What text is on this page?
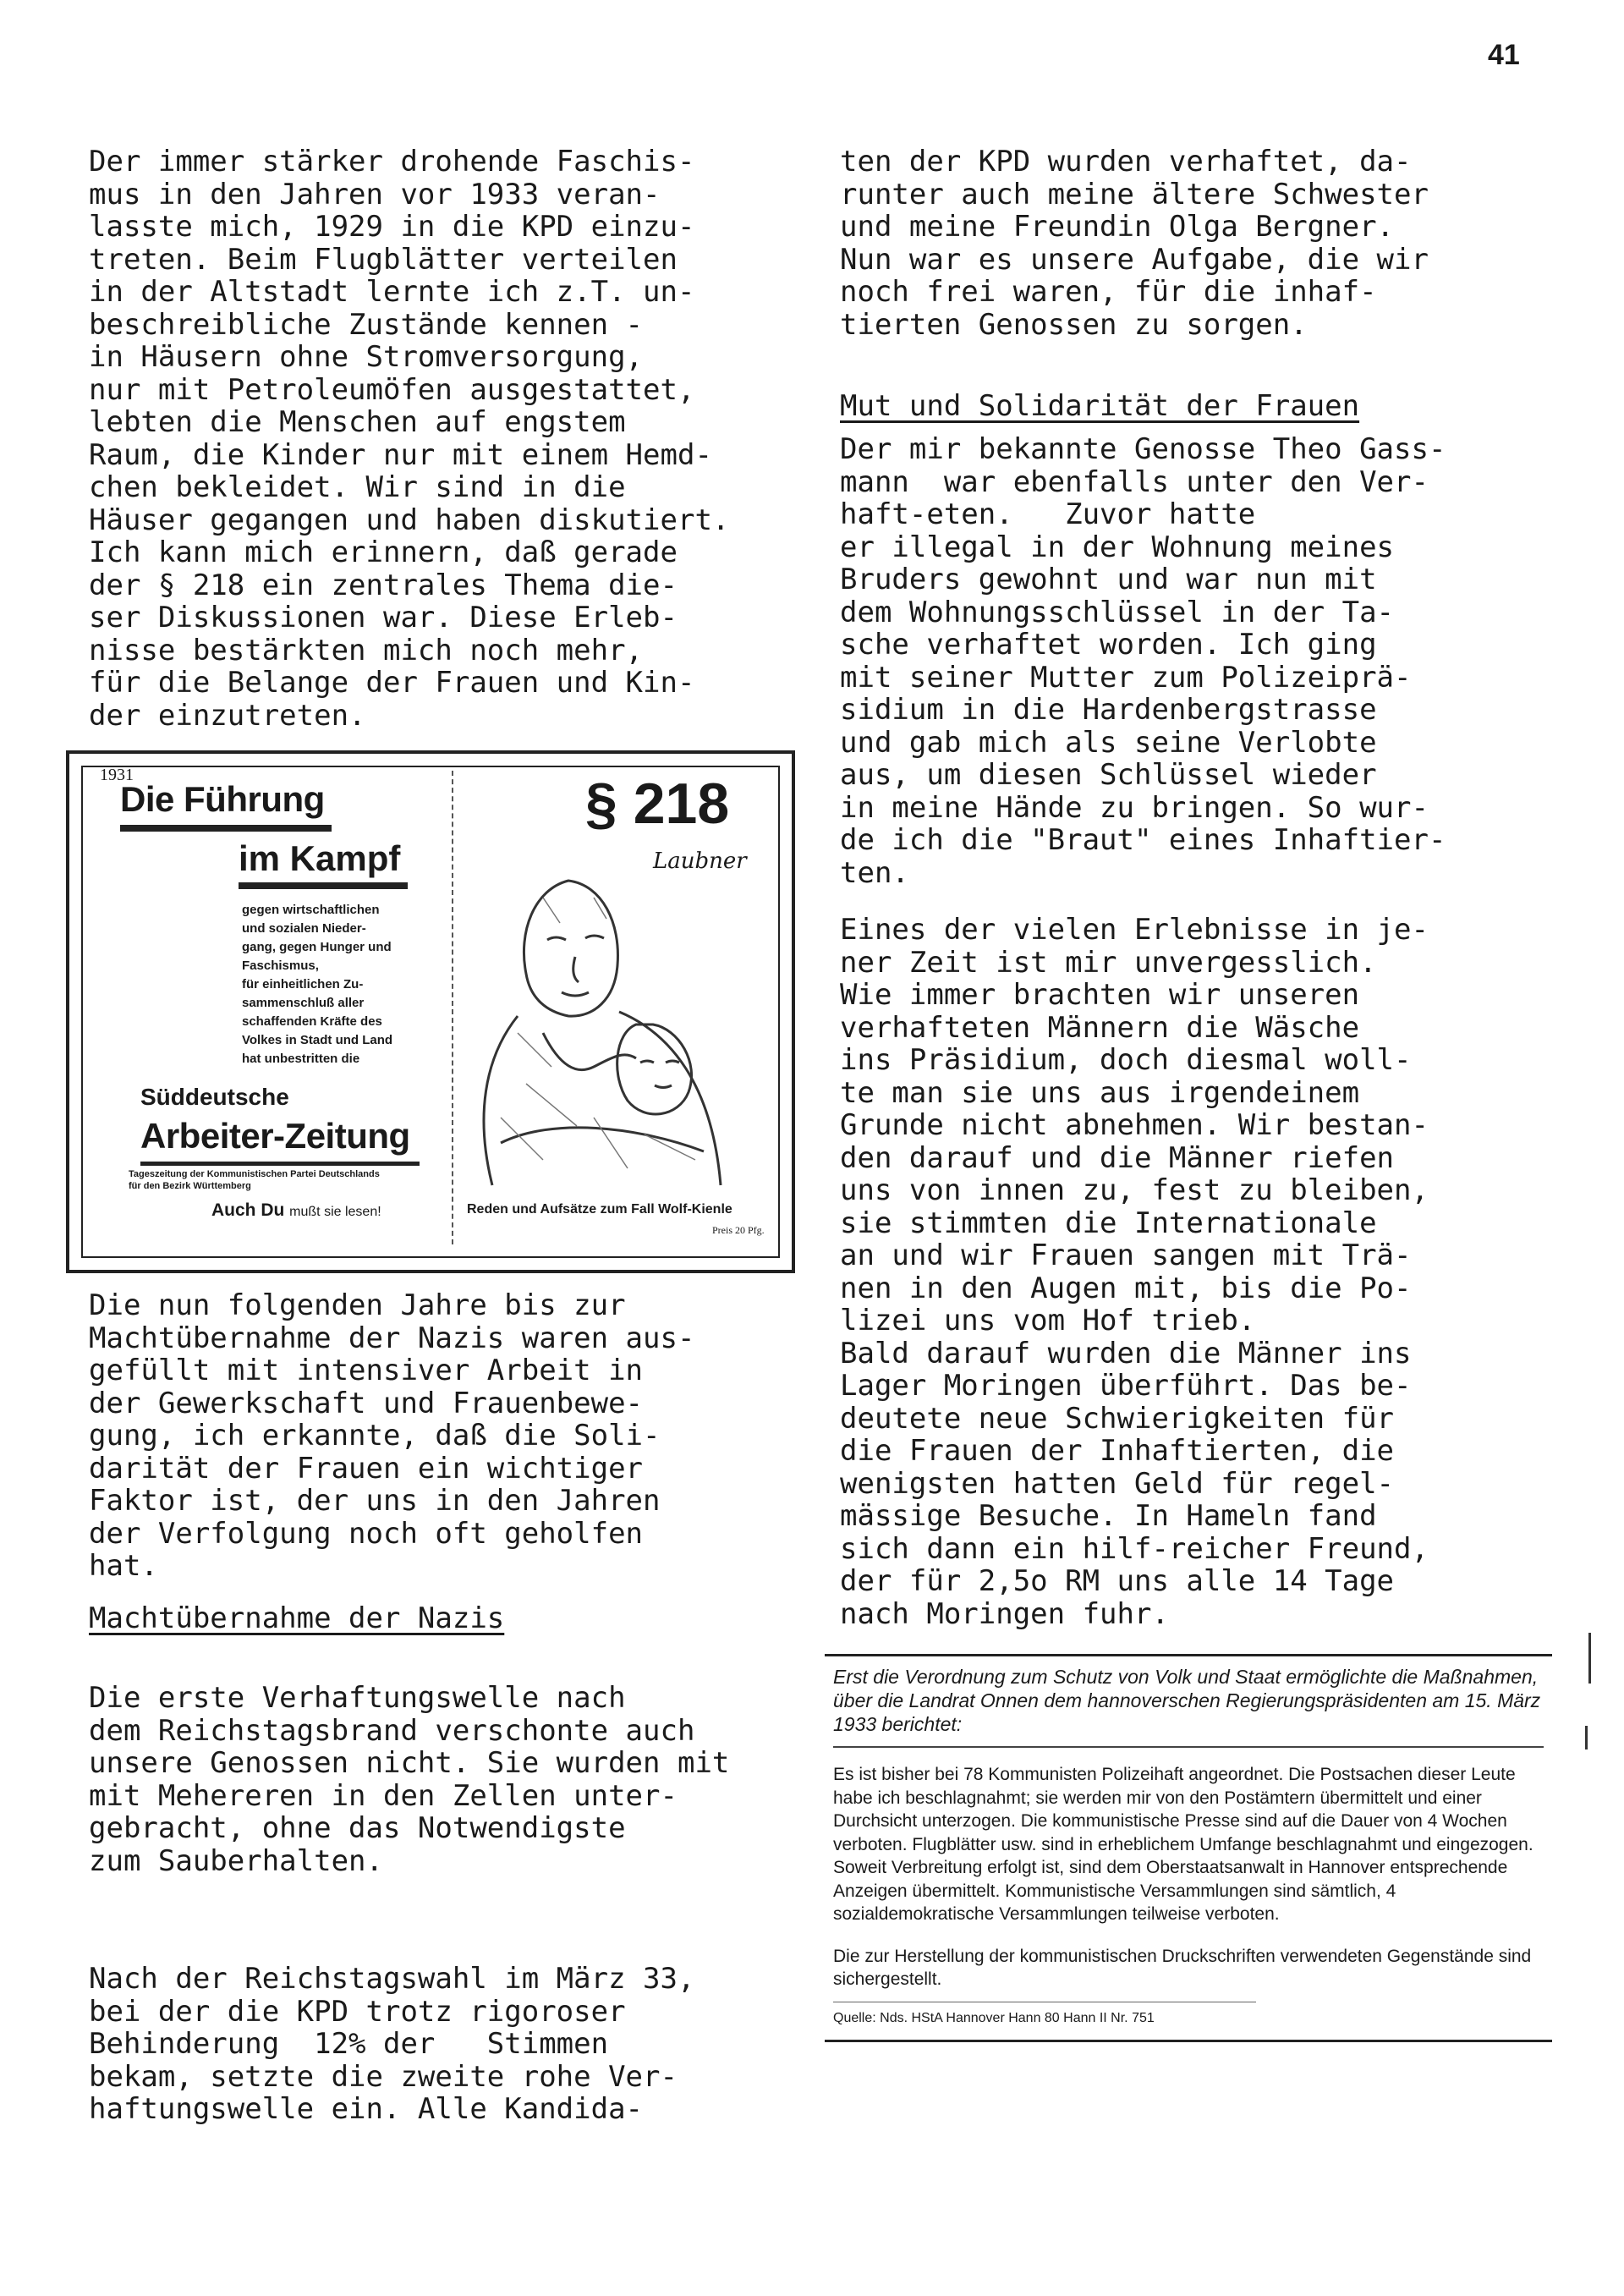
41
Der immer stärker drohende Faschis-
mus in den Jahren vor 1933 veran-
lasste mich, 1929 in die KPD einzu-
treten. Beim Flugblätter verteilen
in der Altstadt lernte ich z.T. un-
beschreibliche Zustände kennen -
in Häusern ohne Stromversorgung,
nur mit Petroleumöfen ausgestattet,
lebten die Menschen auf engstem
Raum, die Kinder nur mit einem Hemd-
chen bekleidet. Wir sind in die
Häuser gegangen und haben diskutiert.
Ich kann mich erinnern, daß gerade
der § 218 ein zentrales Thema die-
ser Diskussionen war. Diese Erleb-
nisse bestärkten mich noch mehr,
für die Belange der Frauen und Kin-
der einzutreten.
1931
Die Führung
im Kampf
gegen wirtschaftlichen
und sozialen Nieder-
gang, gegen Hunger und
Faschismus,
für einheitlichen Zu-
sammenschluß aller
schaffenden Kräfte des
Volkes in Stadt und Land
hat unbestritten die
Süddeutsche
Arbeiter-Zeitung
Tageszeitung der Kommunistischen Partei Deutschlands
für den Bezirk Württemberg
Auch Du mußt sie lesen!
§ 218
Laubner
Reden und Aufsätze zum Fall Wolf-Kienle
Preis 20 Pfg.
Die nun folgenden Jahre bis zur
Machtübernahme der Nazis waren aus-
gefüllt mit intensiver Arbeit in
der Gewerkschaft und Frauenbewe-
gung, ich erkannte, daß die Soli-
darität der Frauen ein wichtiger
Faktor ist, der uns in den Jahren
der Verfolgung noch oft geholfen
hat.
Machtübernahme der Nazis
Die erste Verhaftungswelle nach
dem Reichstagsbrand verschonte auch
unsere Genossen nicht. Sie wurden mit
mit Mehereren in den Zellen unter-
gebracht, ohne das Notwendigste
zum Sauberhalten.
Nach der Reichstagswahl im März 33,
bei der die KPD trotz rigoroser
Behinderung  12% der   Stimmen
bekam, setzte die zweite rohe Ver-
haftungswelle ein. Alle Kandida-
ten der KPD wurden verhaftet, da-
runter auch meine ältere Schwester
und meine Freundin Olga Bergner.
Nun war es unsere Aufgabe, die wir
noch frei waren, für die inhaf-
tierten Genossen zu sorgen.
Mut und Solidarität der Frauen
Der mir bekannte Genosse Theo Gass-
mann  war ebenfalls unter den Ver-
haft-eten.   Zuvor hatte
er illegal in der Wohnung meines
Bruders gewohnt und war nun mit
dem Wohnungsschlüssel in der Ta-
sche verhaftet worden. Ich ging
mit seiner Mutter zum Polizeiprä-
sidium in die Hardenbergstrasse
und gab mich als seine Verlobte
aus, um diesen Schlüssel wieder
in meine Hände zu bringen. So wur-
de ich die "Braut" eines Inhaftier-
ten.
Eines der vielen Erlebnisse in je-
ner Zeit ist mir unvergesslich.
Wie immer brachten wir unseren
verhafteten Männern die Wäsche
ins Präsidium, doch diesmal woll-
te man sie uns aus irgendeinem
Grunde nicht abnehmen. Wir bestan-
den darauf und die Männer riefen
uns von innen zu, fest zu bleiben,
sie stimmten die Internationale
an und wir Frauen sangen mit Trä-
nen in den Augen mit, bis die Po-
lizei uns vom Hof trieb.
Bald darauf wurden die Männer ins
Lager Moringen überführt. Das be-
deutete neue Schwierigkeiten für
die Frauen der Inhaftierten, die
wenigsten hatten Geld für regel-
mässige Besuche. In Hameln fand
sich dann ein hilf-reicher Freund,
der für 2,5o RM uns alle 14 Tage
nach Moringen fuhr.
Erst die Verordnung zum Schutz von Volk und Staat ermöglichte die Maßnahmen, über die Landrat Onnen dem hannoverschen Regierungspräsidenten am 15. März 1933 berichtet:
Es ist bisher bei 78 Kommunisten Polizeihaft angeordnet. Die Postsachen dieser Leute habe ich beschlagnahmt; sie werden mir von den Postämtern übermittelt und einer Durchsicht unterzogen. Die kommunistische Presse sind auf die Dauer von 4 Wochen verboten. Flugblätter usw. sind in erheblichem Umfange beschlagnahmt und eingezogen. Soweit Verbreitung erfolgt ist, sind dem Oberstaatsanwalt in Hannover entsprechende Anzeigen übermittelt. Kommunistische Versammlungen sind sämtlich, 4 sozialdemokratische Versammlungen teilweise verboten.
Die zur Herstellung der kommunistischen Druckschriften verwendeten Gegenstände sind sichergestellt.
Quelle: Nds. HStA Hannover Hann 80 Hann II Nr. 751
